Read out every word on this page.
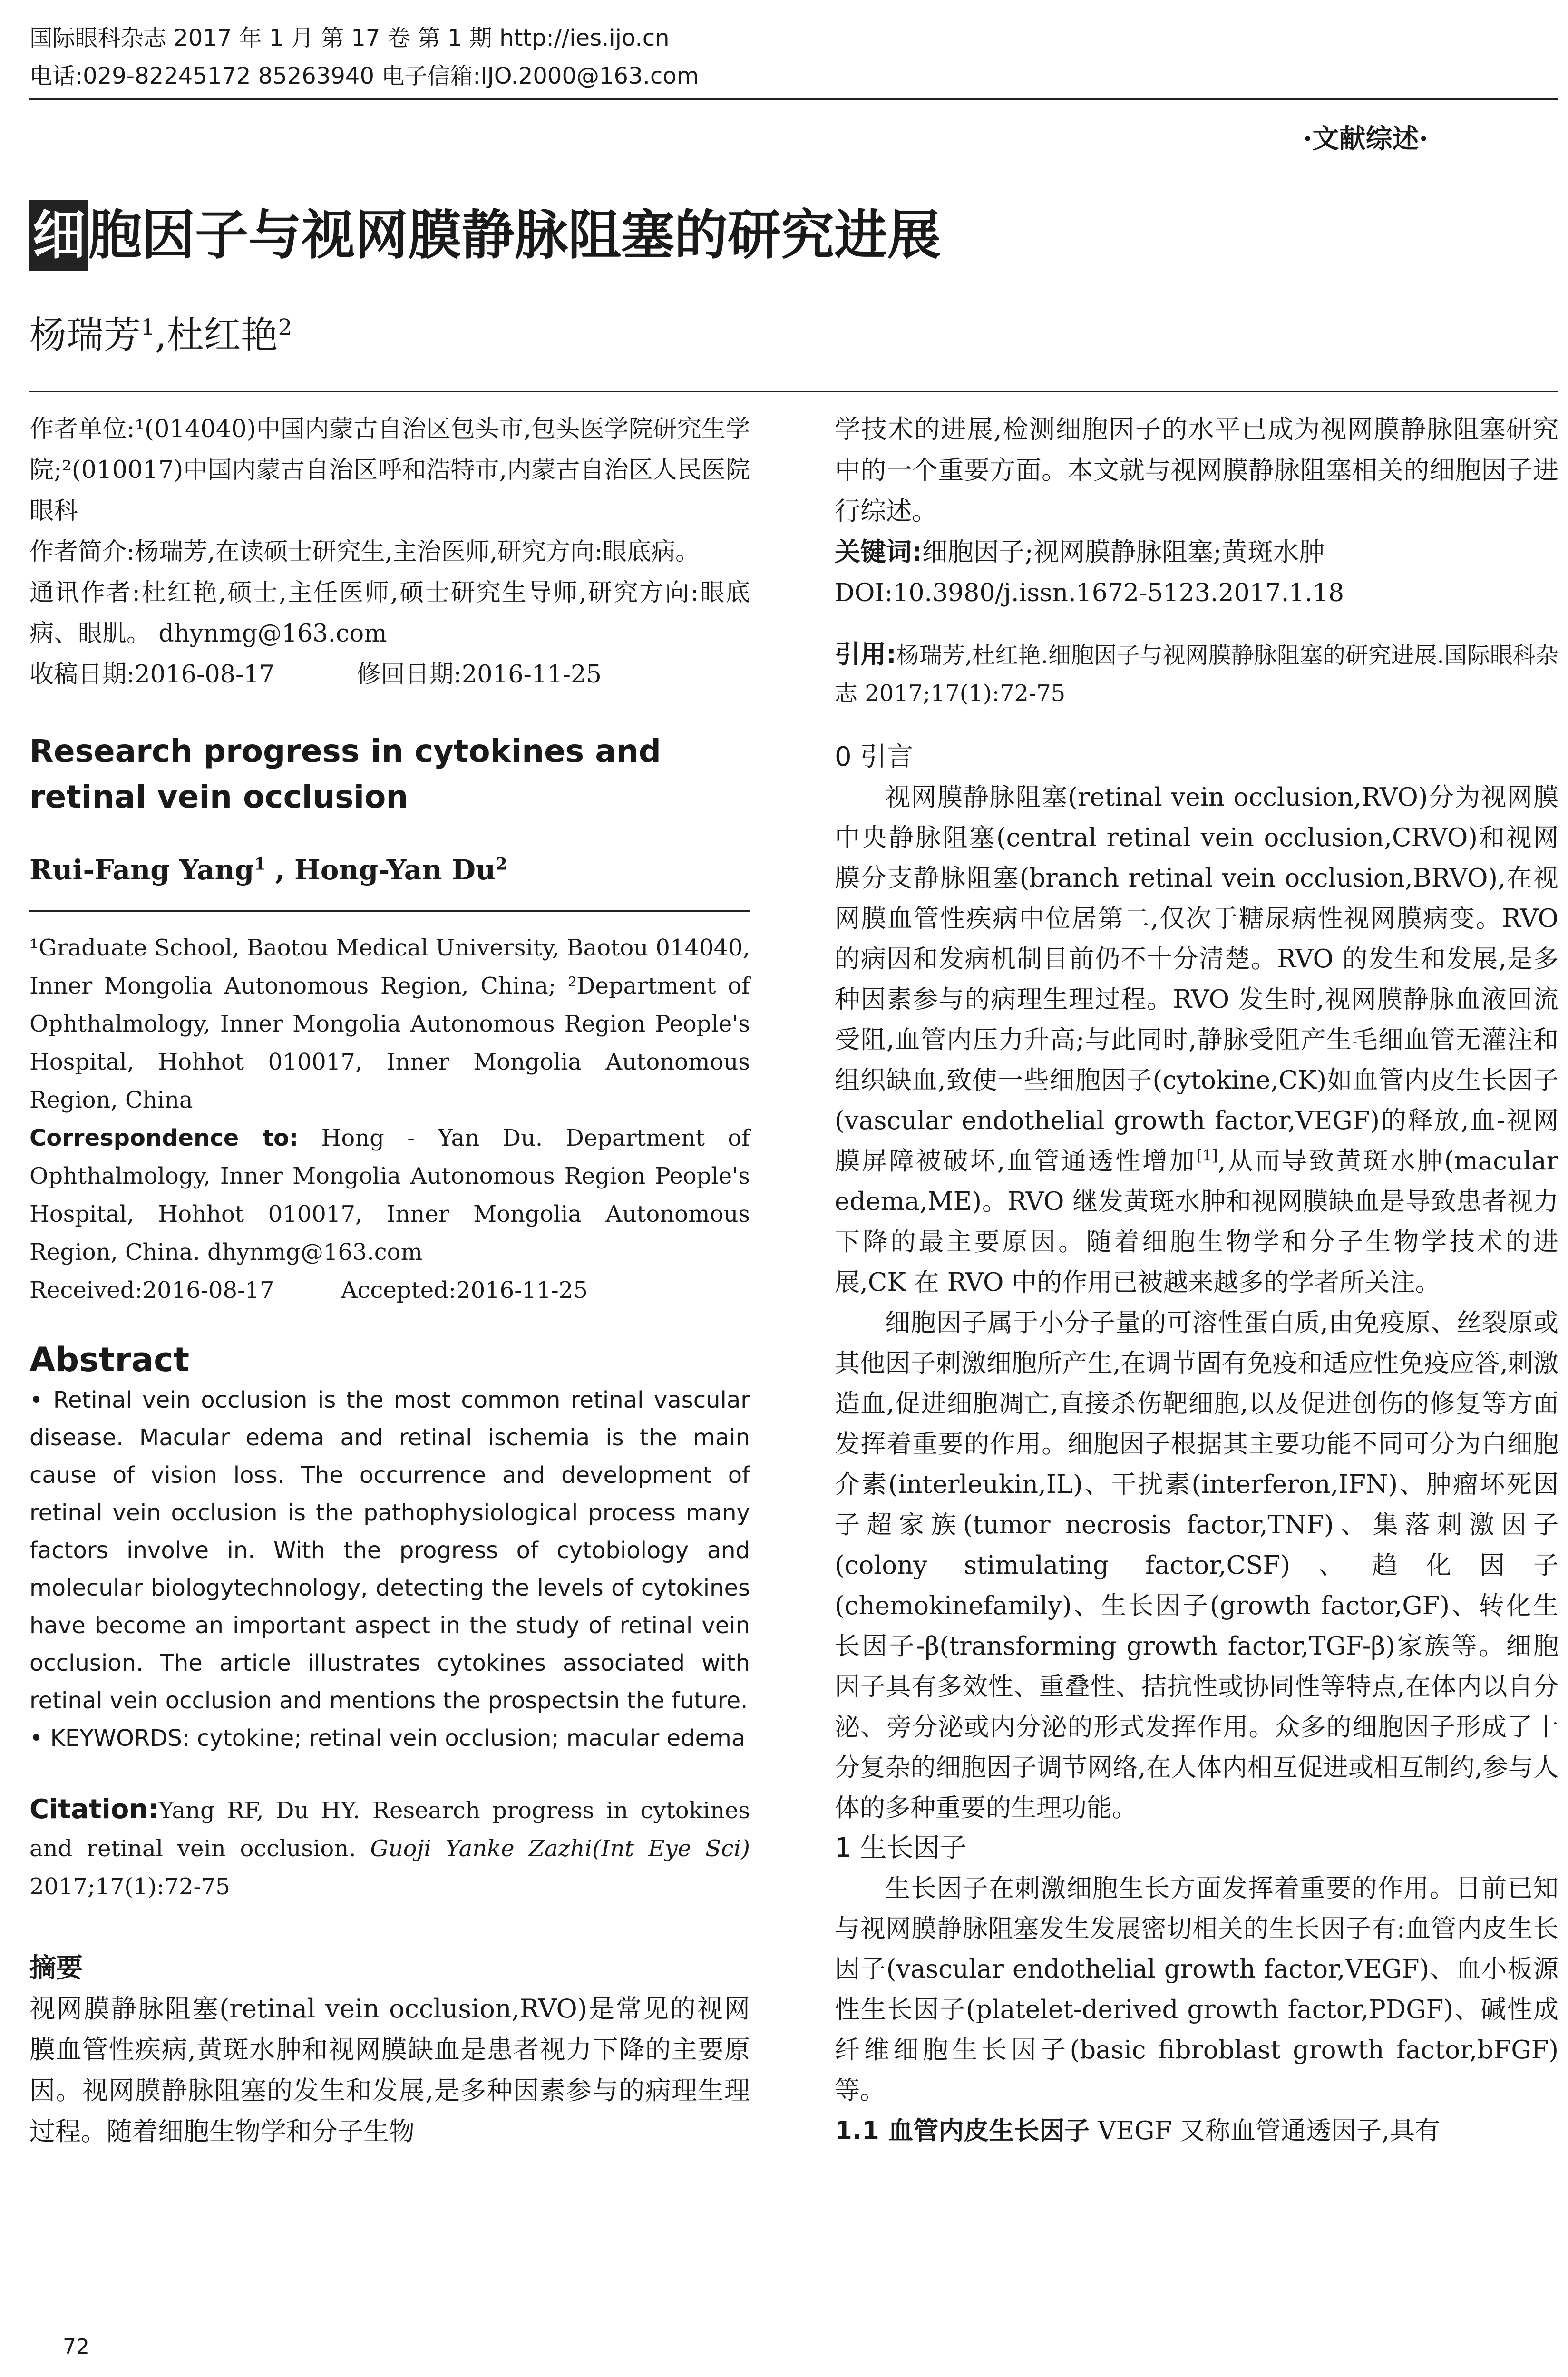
国际眼科杂志 2017 年 1 月 第 17 卷 第 1 期 http://ies.ijo.cn
电话:029-82245172 85263940 电子信箱:IJO.2000@163.com
·文献综述·
细胞因子与视网膜静脉阻塞的研究进展
杨瑞芳$^1$,杜红艳$^2$

作者单位:¹(014040)中国内蒙古自治区包头市,包头医学院研究生学院;²(010017)中国内蒙古自治区呼和浩特市,内蒙古自治区人民医院眼科

作者简介:杨瑞芳,在读硕士研究生,主治医师,研究方向:眼底病。

通讯作者:杜红艳,硕士,主任医师,硕士研究生导师,研究方向:眼底病、眼肌。 dhynmg@163.com

收稿日期:2016-08-17	修回日期:2016-11-25

Research progress in cytokines and retinal vein occlusion
Rui-Fang Yang$^1$ , Hong-Yan Du$^2$

¹Graduate School, Baotou Medical University, Baotou 014040, Inner Mongolia Autonomous Region, China; ²Department of Ophthalmology, Inner Mongolia Autonomous Region People's Hospital, Hohhot 010017, Inner Mongolia Autonomous Region, China

Correspondence to: Hong - Yan Du. Department of Ophthalmology, Inner Mongolia Autonomous Region People's Hospital, Hohhot 010017, Inner Mongolia Autonomous Region, China. dhynmg@163.com

Received:2016-08-17	Accepted:2016-11-25

Abstract

• Retinal vein occlusion is the most common retinal vascular disease. Macular edema and retinal ischemia is the main cause of vision loss. The occurrence and development of retinal vein occlusion is the pathophysiological process many factors involve in. With the progress of cytobiology and molecular biologytechnology, detecting the levels of cytokines have become an important aspect in the study of retinal vein occlusion. The article illustrates cytokines associated with retinal vein occlusion and mentions the prospectsin the future.

• KEYWORDS: cytokine; retinal vein occlusion; macular edema

Citation:Yang RF, Du HY. Research progress in cytokines and retinal vein occlusion. Guoji Yanke Zazhi(Int Eye Sci) 2017;17(1):72-75
摘要
视网膜静脉阻塞(retinal vein occlusion,RVO)是常见的视网膜血管性疾病,黄斑水肿和视网膜缺血是患者视力下降的主要原因。视网膜静脉阻塞的发生和发展,是多种因素参与的病理生理过程。随着细胞生物学和分子生物
学技术的进展,检测细胞因子的水平已成为视网膜静脉阻塞研究中的一个重要方面。本文就与视网膜静脉阻塞相关的细胞因子进行综述。
关键词:细胞因子;视网膜静脉阻塞;黄斑水肿
DOI:10.3980/j.issn.1672-5123.2017.1.18
引用:杨瑞芳,杜红艳.细胞因子与视网膜静脉阻塞的研究进展.国际眼科杂志 2017;17(1):72-75
0 引言

视网膜静脉阻塞(retinal vein occlusion,RVO)分为视网膜中央静脉阻塞(central retinal vein occlusion,CRVO)和视网膜分支静脉阻塞(branch retinal vein occlusion,BRVO),在视网膜血管性疾病中位居第二,仅次于糖尿病性视网膜病变。RVO 的病因和发病机制目前仍不十分清楚。RVO 的发生和发展,是多种因素参与的病理生理过程。RVO 发生时,视网膜静脉血液回流受阻,血管内压力升高;与此同时,静脉受阻产生毛细血管无灌注和组织缺血,致使一些细胞因子(cytokine,CK)如血管内皮生长因子(vascular endothelial growth factor,VEGF)的释放,血-视网膜屏障被破坏,血管通透性增加[1],从而导致黄斑水肿(macular edema,ME)。RVO 继发黄斑水肿和视网膜缺血是导致患者视力下降的最主要原因。随着细胞生物学和分子生物学技术的进展,CK 在 RVO 中的作用已被越来越多的学者所关注。

细胞因子属于小分子量的可溶性蛋白质,由免疫原、丝裂原或其他因子刺激细胞所产生,在调节固有免疫和适应性免疫应答,刺激造血,促进细胞凋亡,直接杀伤靶细胞,以及促进创伤的修复等方面发挥着重要的作用。细胞因子根据其主要功能不同可分为白细胞介素(interleukin,IL)、干扰素(interferon,IFN)、肿瘤坏死因子超家族(tumor necrosis factor,TNF)、集落刺激因子(colony stimulating factor,CSF)、趋化因子(chemokinefamily)、生长因子(growth factor,GF)、转化生长因子-β(transforming growth factor,TGF-β)家族等。细胞因子具有多效性、重叠性、拮抗性或协同性等特点,在体内以自分泌、旁分泌或内分泌的形式发挥作用。众多的细胞因子形成了十分复杂的细胞因子调节网络,在人体内相互促进或相互制约,参与人体的多种重要的生理功能。

1 生长因子

生长因子在刺激细胞生长方面发挥着重要的作用。目前已知与视网膜静脉阻塞发生发展密切相关的生长因子有:血管内皮生长因子(vascular endothelial growth factor,VEGF)、血小板源性生长因子(platelet-derived growth factor,PDGF)、碱性成纤维细胞生长因子(basic fibroblast growth factor,bFGF)等。

1.1 血管内皮生长因子 VEGF 又称血管通透因子,具有

72
